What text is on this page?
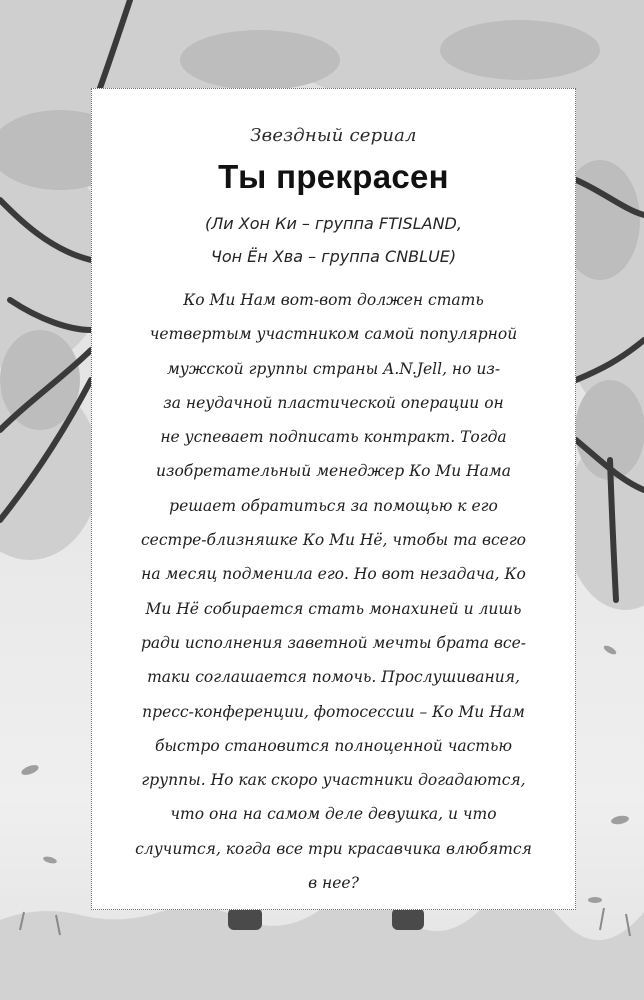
Звездный сериал
Ты прекрасен
(Ли Хон Ки – группа FTISLAND,
Чон Ён Хва – группа CNBLUE)
Ко Ми Нам вот-вот должен стать
четвертым участником самой популярной
мужской группы страны A.N.Jell, но из-
за неудачной пластической операции он
не успевает подписать контракт. Тогда
изобретательный менеджер Ко Ми Нама
решает обратиться за помощью к его
сестре-близняшке Ко Ми Нё, чтобы та всего
на месяц подменила его. Но вот незадача, Ко
Ми Нё собирается стать монахиней и лишь
ради исполнения заветной мечты брата все-
таки соглашается помочь. Прослушивания,
пресс-конференции, фотосессии – Ко Ми Нам
быстро становится полноценной частью
группы. Но как скоро участники догадаются,
что она на самом деле девушка, и что
случится, когда все три красавчика влюбятся
в нее?
